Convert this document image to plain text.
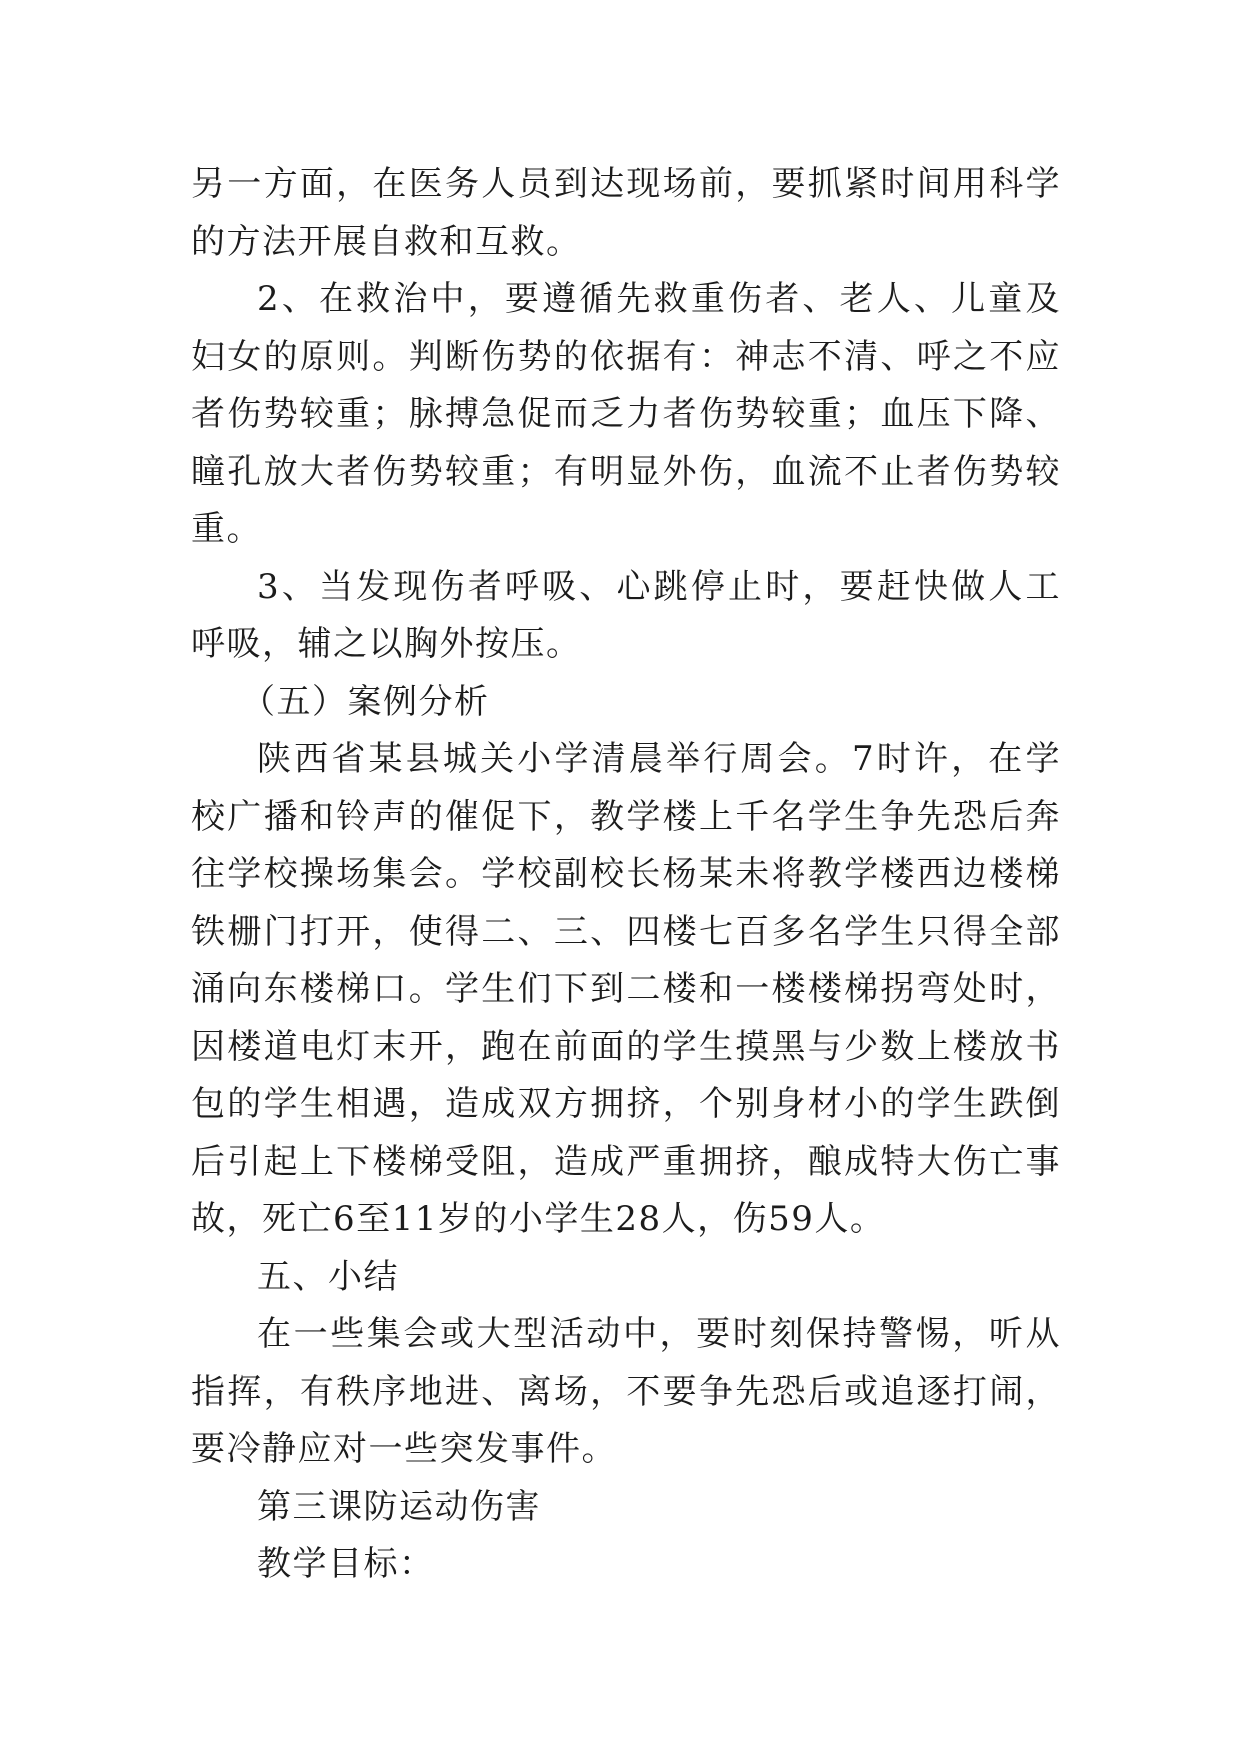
另一方面，在医务人员到达现场前，要抓紧时间用科学的方法开展自救和互救。

2、在救治中，要遵循先救重伤者、老人、儿童及妇女的原则。判断伤势的依据有：神志不清、呼之不应者伤势较重；脉搏急促而乏力者伤势较重；血压下降、瞳孔放大者伤势较重；有明显外伤，血流不止者伤势较重。

3、当发现伤者呼吸、心跳停止时，要赶快做人工呼吸，辅之以胸外按压。

（五）案例分析

陕西省某县城关小学清晨举行周会。7时许，在学校广播和铃声的催促下，教学楼上千名学生争先恐后奔往学校操场集会。学校副校长杨某未将教学楼西边楼梯铁栅门打开，使得二、三、四楼七百多名学生只得全部涌向东楼梯口。学生们下到二楼和一楼楼梯拐弯处时，因楼道电灯末开，跑在前面的学生摸黑与少数上楼放书包的学生相遇，造成双方拥挤，个别身材小的学生跌倒后引起上下楼梯受阻，造成严重拥挤，酿成特大伤亡事故，死亡6至11岁的小学生28人，伤59人。

五、小结

在一些集会或大型活动中，要时刻保持警惕，听从指挥，有秩序地进、离场，不要争先恐后或追逐打闹，要冷静应对一些突发事件。

第三课防运动伤害

教学目标：
